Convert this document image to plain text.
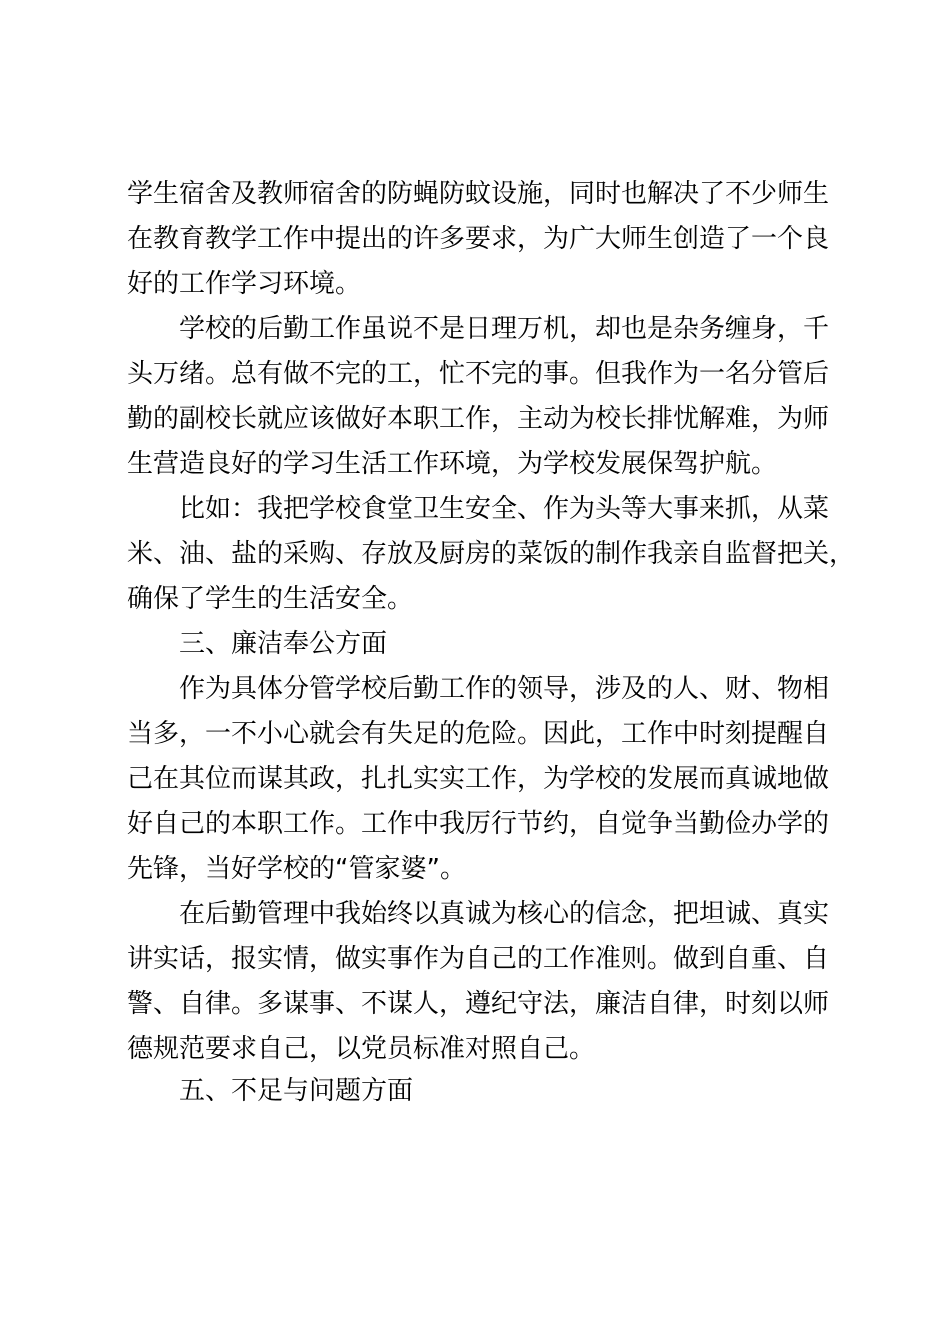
学生宿舍及教师宿舍的防蝇防蚊设施，同时也解决了不少师生
在教育教学工作中提出的许多要求，为广大师生创造了一个良
好的工作学习环境。
学校的后勤工作虽说不是日理万机，却也是杂务缠身，千
头万绪。总有做不完的工，忙不完的事。但我作为一名分管后
勤的副校长就应该做好本职工作，主动为校长排忧解难，为师
生营造良好的学习生活工作环境，为学校发展保驾护航。
比如：我把学校食堂卫生安全、作为头等大事来抓，从菜
米、油、盐的采购、存放及厨房的菜饭的制作我亲自监督把关，
确保了学生的生活安全。
三、廉洁奉公方面
作为具体分管学校后勤工作的领导，涉及的人、财、物相
当多，一不小心就会有失足的危险。因此，工作中时刻提醒自
己在其位而谋其政，扎扎实实工作，为学校的发展而真诚地做
好自己的本职工作。工作中我厉行节约，自觉争当勤俭办学的
先锋，当好学校的“管家婆”。
在后勤管理中我始终以真诚为核心的信念，把坦诚、真实
讲实话，报实情，做实事作为自己的工作准则。做到自重、自
警、自律。多谋事、不谋人，遵纪守法，廉洁自律，时刻以师
德规范要求自己，以党员标准对照自己。
五、不足与问题方面
